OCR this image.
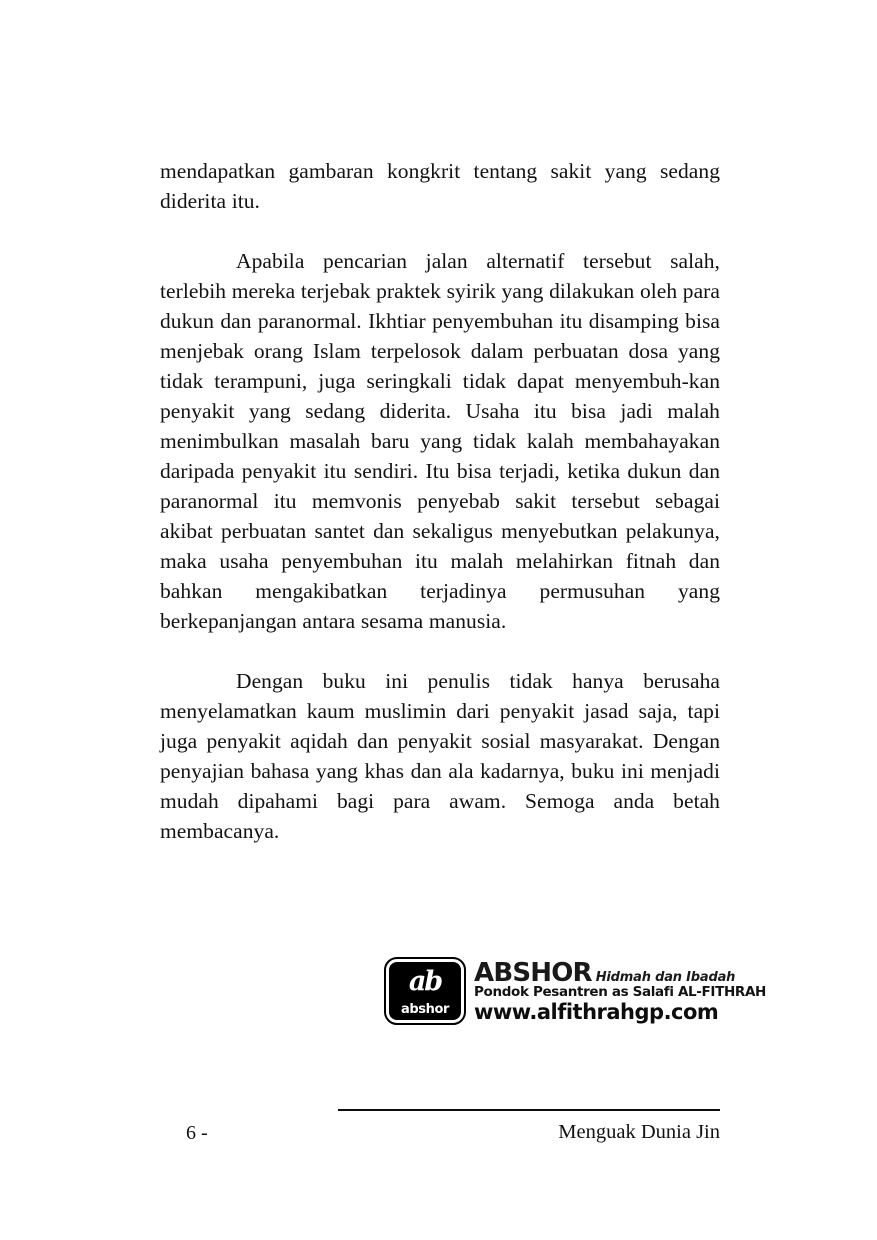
mendapatkan gambaran kongkrit tentang sakit yang sedang diderita itu.

Apabila pencarian jalan alternatif tersebut salah, terlebih mereka terjebak praktek syirik yang dilakukan oleh para dukun dan paranormal. Ikhtiar penyembuhan itu disamping bisa menjebak orang Islam terpelosok dalam perbuatan dosa yang tidak terampuni, juga seringkali tidak dapat menyembuh-kan penyakit yang sedang diderita. Usaha itu bisa jadi malah menimbulkan masalah baru yang tidak kalah membahayakan daripada penyakit itu sendiri. Itu bisa terjadi, ketika dukun dan paranormal itu memvonis penyebab sakit tersebut sebagai akibat perbuatan santet dan sekaligus menyebutkan pelakunya, maka usaha penyembuhan itu malah melahirkan fitnah dan bahkan mengakibatkan terjadinya permusuhan yang berkepanjangan antara sesama manusia.

Dengan buku ini penulis tidak hanya berusaha menyelamatkan kaum muslimin dari penyakit jasad saja, tapi juga penyakit aqidah dan penyakit sosial masyarakat. Dengan penyajian bahasa yang khas dan ala kadarnya, buku ini menjadi mudah dipahami bagi para awam. Semoga anda betah membacanya.

ab
abshor
ABSHOR Hidmah dan Ibadah
Pondok Pesantren as Salafi AL-FITHRAH
www.alfithrahgp.com
6 -	Menguak Dunia Jin
